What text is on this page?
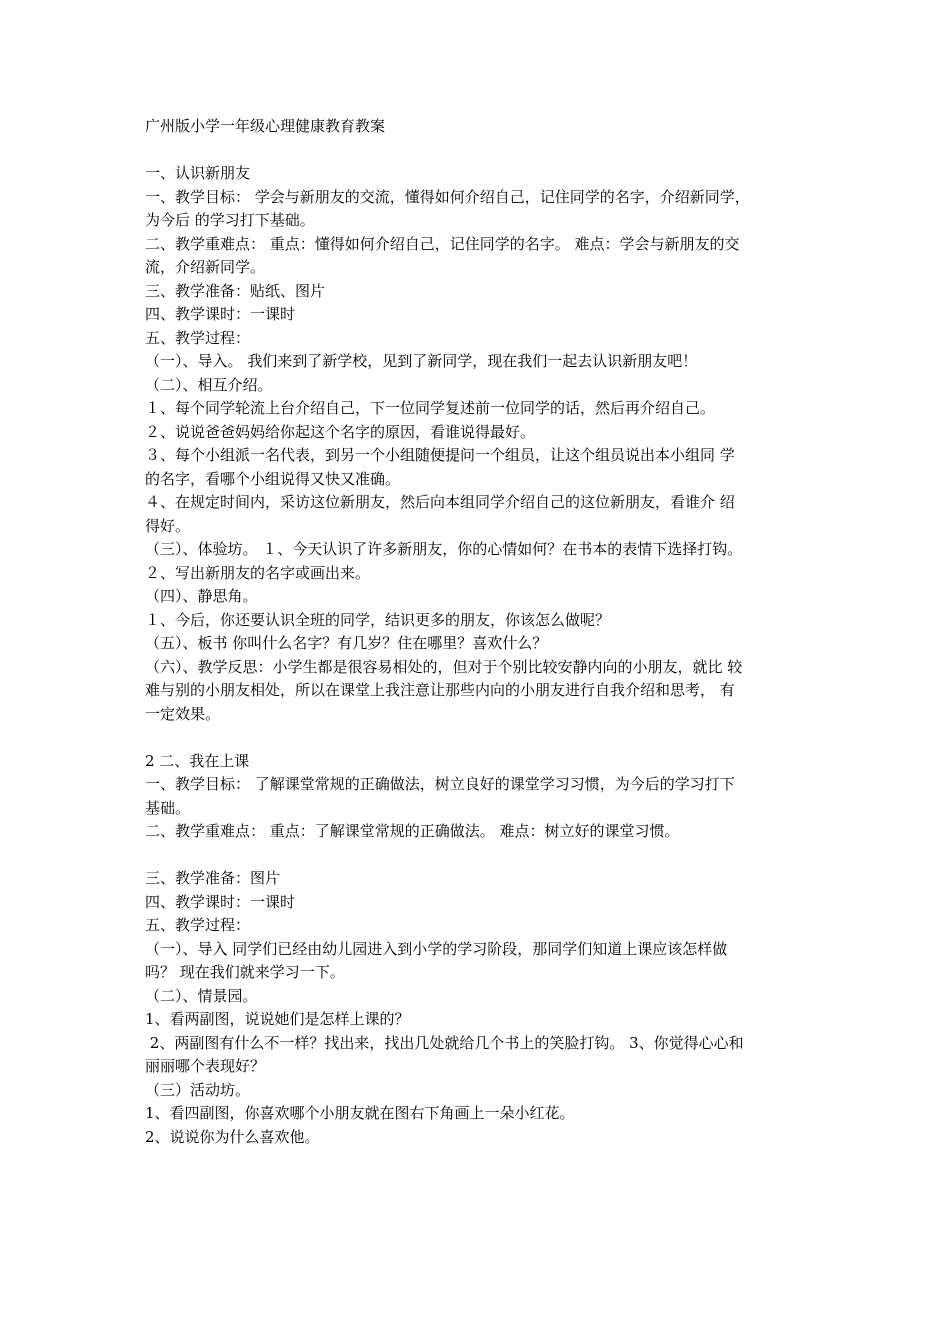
广州版小学一年级心理健康教育教案
一、认识新朋友
一、教学目标： 学会与新朋友的交流，懂得如何介绍自己，记住同学的名字，介绍新同学，
为今后 的学习打下基础。
二、教学重难点： 重点：懂得如何介绍自己，记住同学的名字。 难点：学会与新朋友的交
流，介绍新同学。
三、教学准备：贴纸、图片
四、教学课时：一课时
五、教学过程：
（一）、导入。 我们来到了新学校，见到了新同学，现在我们一起去认识新朋友吧！
（二）、相互介绍。
１、每个同学轮流上台介绍自己，下一位同学复述前一位同学的话，然后再介绍自己。
２、说说爸爸妈妈给你起这个名字的原因，看谁说得最好。
３、每个小组派一名代表，到另一个小组随便提问一个组员，让这个组员说出本小组同 学
的名字，看哪个小组说得又快又准确。
４、在规定时间内，采访这位新朋友，然后向本组同学介绍自己的这位新朋友，看谁介 绍
得好。
（三）、体验坊。 １、今天认识了许多新朋友，你的心情如何？在书本的表情下选择打钩。
２、写出新朋友的名字或画出来。
（四）、静思角。
１、今后，你还要认识全班的同学，结识更多的朋友，你该怎么做呢？
（五）、板书 你叫什么名字？有几岁？住在哪里？喜欢什么？
（六）、教学反思：小学生都是很容易相处的，但对于个别比较安静内向的小朋友，就比 较
难与别的小朋友相处，所以在课堂上我注意让那些内向的小朋友进行自我介绍和思考， 有
一定效果。
2 二、我在上课
一、教学目标： 了解课堂常规的正确做法，树立良好的课堂学习习惯，为今后的学习打下
基础。
二、教学重难点： 重点：了解课堂常规的正确做法。 难点：树立好的课堂习惯。
三、教学准备：图片
四、教学课时：一课时
五、教学过程：
（一）、导入 同学们已经由幼儿园进入到小学的学习阶段，那同学们知道上课应该怎样做
吗？ 现在我们就来学习一下。
（二）、情景园。
1、看两副图，说说她们是怎样上课的？
2、两副图有什么不一样？找出来，找出几处就给几个书上的笑脸打钩。 3、你觉得心心和
丽丽哪个表现好？
（三）活动坊。
1、看四副图，你喜欢哪个小朋友就在图右下角画上一朵小红花。
2、说说你为什么喜欢他。
